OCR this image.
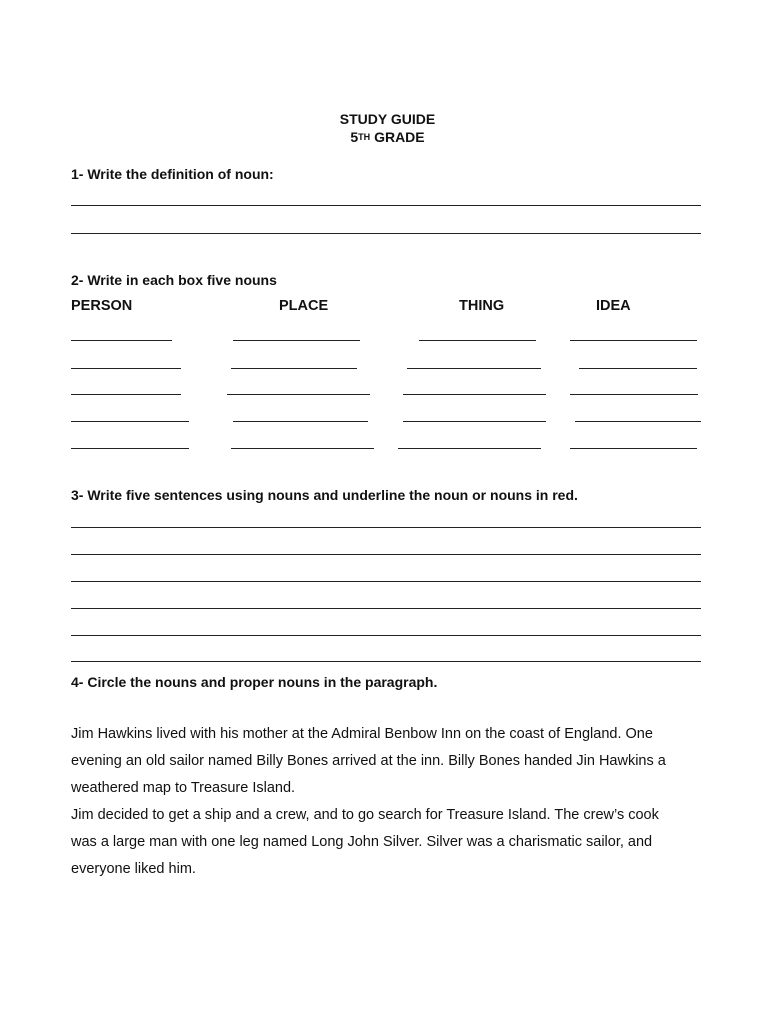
STUDY GUIDE
5TH GRADE
1- Write the definition of noun:
2- Write in each box five nouns
PERSON	PLACE	THING	IDEA
3- Write five sentences using nouns and underline the noun or nouns in red.
4- Circle the nouns and proper nouns in the paragraph.
Jim Hawkins lived with his mother at the Admiral Benbow Inn on the coast of England. One
evening an old sailor named Billy Bones arrived at the inn. Billy Bones handed Jin Hawkins a
weathered map to Treasure Island.
Jim decided to get a ship and a crew, and to go search for Treasure Island. The crew’s cook
was a large man with one leg named Long John Silver. Silver was a charismatic sailor, and
everyone liked him.
